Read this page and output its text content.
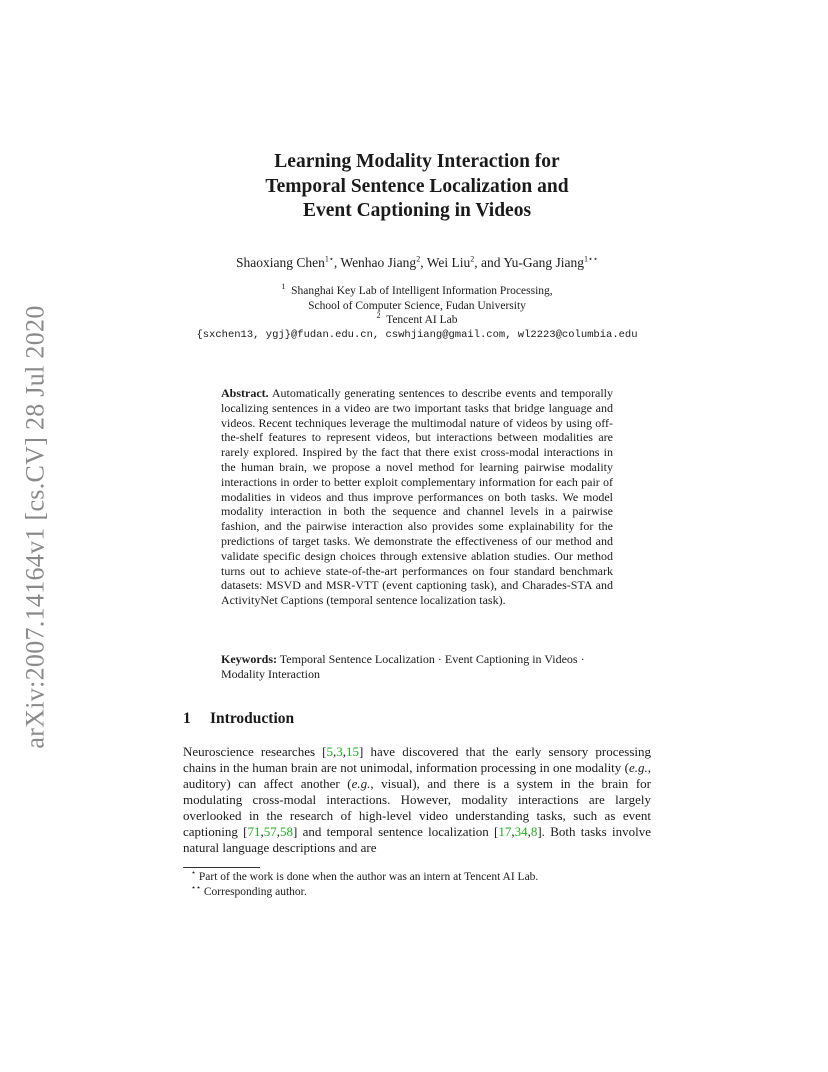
arXiv:2007.14164v1 [cs.CV] 28 Jul 2020
Learning Modality Interaction for
Temporal Sentence Localization and
Event Captioning in Videos
Shaoxiang Chen$^{1⋆}$, Wenhao Jiang$^2$, Wei Liu$^2$, and Yu-Gang Jiang$^{1⋆⋆}$
$^1$ Shanghai Key Lab of Intelligent Information Processing,
School of Computer Science, Fudan University
$^2$ Tencent AI Lab
{sxchen13, ygj}@fudan.edu.cn, cswhjiang@gmail.com, wl2223@columbia.edu
Abstract. Automatically generating sentences to describe events and temporally localizing sentences in a video are two important tasks that bridge language and videos. Recent techniques leverage the multimodal nature of videos by using off-the-shelf features to represent videos, but interactions between modalities are rarely explored. Inspired by the fact that there exist cross-modal interactions in the human brain, we propose a novel method for learning pairwise modality interactions in order to better exploit complementary information for each pair of modalities in videos and thus improve performances on both tasks. We model modality interaction in both the sequence and channel levels in a pairwise fashion, and the pairwise interaction also provides some explainability for the predictions of target tasks. We demonstrate the effectiveness of our method and validate specific design choices through extensive ablation studies. Our method turns out to achieve state-of-the-art performances on four standard benchmark datasets: MSVD and MSR-VTT (event captioning task), and Charades-STA and ActivityNet Captions (temporal sentence localization task).
Keywords: Temporal Sentence Localization · Event Captioning in Videos · Modality Interaction
1 Introduction
Neuroscience researches [5,3,15] have discovered that the early sensory processing chains in the human brain are not unimodal, information processing in one modality (e.g., auditory) can affect another (e.g., visual), and there is a system in the brain for modulating cross-modal interactions. However, modality interactions are largely overlooked in the research of high-level video understanding tasks, such as event captioning [71,57,58] and temporal sentence localization [17,34,8]. Both tasks involve natural language descriptions and are
⋆ Part of the work is done when the author was an intern at Tencent AI Lab.
⋆⋆ Corresponding author.
